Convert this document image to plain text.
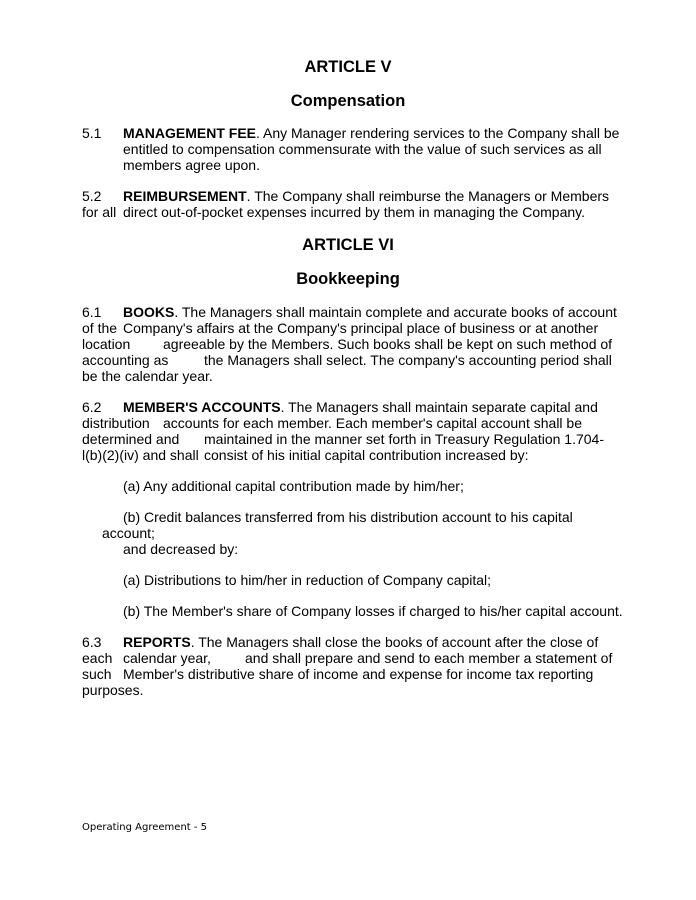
ARTICLE V
Compensation
5.1 MANAGEMENT FEE. Any Manager rendering services to the Company shall be
entitled to compensation commensurate with the value of such services as all
members agree upon.
5.2 REIMBURSEMENT. The Company shall reimburse the Managers or Members
for all direct out-of-pocket expenses incurred by them in managing the Company.
ARTICLE VI
Bookkeeping
6.1 BOOKS. The Managers shall maintain complete and accurate books of account
of the Company's affairs at the Company's principal place of business or at another
location agreeable by the Members. Such books shall be kept on such method of
accounting as	the Managers shall select. The company's accounting period shall
be the calendar year.
6.2 MEMBER'S ACCOUNTS. The Managers shall maintain separate capital and
distribution accounts for each member. Each member's capital account shall be
determined and maintained in the manner set forth in Treasury Regulation 1.704-
l(b)(2)(iv) and shall consist of his initial capital contribution increased by:
(a) Any additional capital contribution made by him/her;
(b) Credit balances transferred from his distribution account to his capital
account;
and decreased by:
(a) Distributions to him/her in reduction of Company capital;
(b) The Member's share of Company losses if charged to his/her capital account.
6.3 REPORTS. The Managers shall close the books of account after the close of
each calendar year, and shall prepare and send to each member a statement of
such Member's distributive share of income and expense for income tax reporting
purposes.
Operating Agreement - 5
